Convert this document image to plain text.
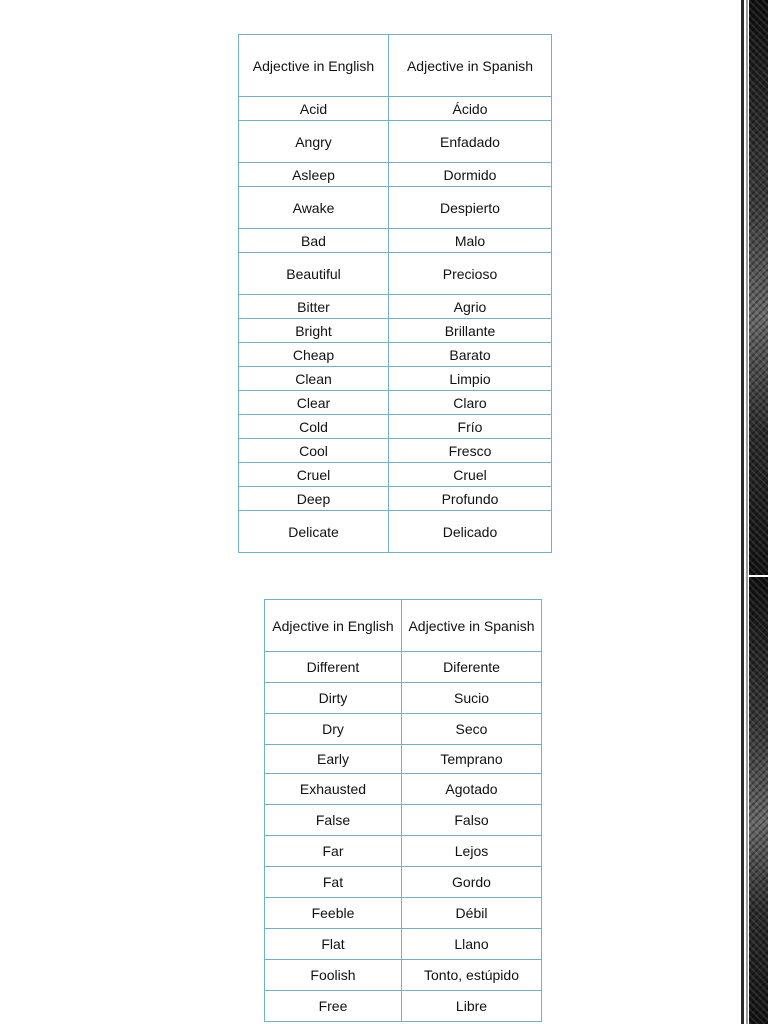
Adjective in English	Adjective in Spanish
Acid	Ácido
Angry	Enfadado
Asleep	Dormido
Awake	Despierto
Bad	Malo
Beautiful	Precioso
Bitter	Agrio
Bright	Brillante
Cheap	Barato
Clean	Limpio
Clear	Claro
Cold	Frío
Cool	Fresco
Cruel	Cruel
Deep	Profundo
Delicate	Delicado
Adjective in English	Adjective in Spanish
Different	Diferente
Dirty	Sucio
Dry	Seco
Early	Temprano
Exhausted	Agotado
False	Falso
Far	Lejos
Fat	Gordo
Feeble	Débil
Flat	Llano
Foolish	Tonto, estúpido
Free	Libre
